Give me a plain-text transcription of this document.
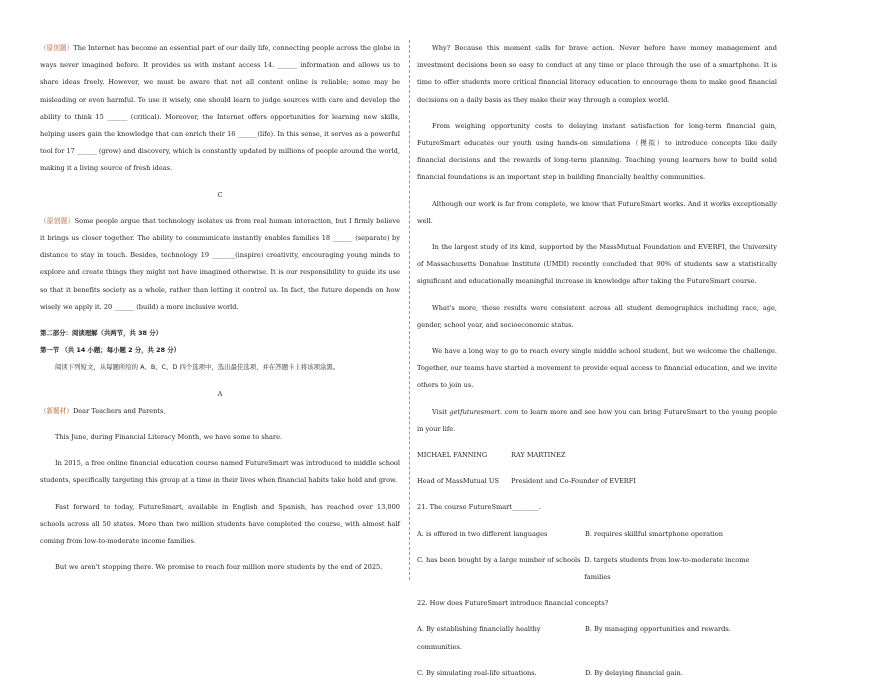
（原创题）The Internet has become an essential part of our daily life, connecting people across the globe in ways never imagined before. It provides us with instant access 14. ______ information and allows us to share ideas freely. However, we must be aware that not all content online is reliable; some may be misleading or even harmful. To use it wisely, one should learn to judge sources with care and develop the ability to think 15 ______ (critical). Moreover, the Internet offers opportunities for learning new skills, helping users gain the knowledge that can enrich their 16 ______(life). In this sense, it serves as a powerful tool for 17 ______ (grow) and discovery, which is constantly updated by millions of people around the world, making it a living source of fresh ideas.

C

（原创题）Some people argue that technology isolates us from real human interaction, but I firmly believe it brings us closer together. The ability to communicate instantly enables families 18 ______ (separate) by distance to stay in touch. Besides, technology 19 _______(inspire) creativity, encouraging young minds to explore and create things they might not have imagined otherwise. It is our responsibility to guide its use so that it benefits society as a whole, rather than letting it control us. In fact, the future depends on how wisely we apply it. 20 ______ (build) a more inclusive world.

第二部分：阅读理解（共两节，共 38 分）

第一节 （共 14 小题；每小题 2 分，共 28 分）

阅读下列短文，从每题所给的 A、B、C、D 四个选项中，选出最佳选项，并在答题卡上将该项涂黑。

A

（新题材）Dear Teachers and Parents,

This June, during Financial Literacy Month, we have some to share.

In 2015, a free online financial education course named FutureSmart was introduced to middle school students, specifically targeting this group at a time in their lives when financial habits take hold and grow.

Fast forward to today, FutureSmart, available in English and Spanish, has reached over 13,000 schools across all 50 states. More than two million students have completed the course, with almost half coming from low-to-moderate income families.

But we aren't stopping there. We promise to reach four million more students by the end of 2025.

Why? Because this moment calls for brave action. Never before have money management and investment decisions been so easy to conduct at any time or place through the use of a smartphone. It is time to offer students more critical financial literacy education to encourage them to make good financial decisions on a daily basis as they make their way through a complex world.

From weighing opportunity costs to delaying instant satisfaction for long-term financial gain, FutureSmart educates our youth using hands-on simulations（模拟）to introduce concepts like daily financial decisions and the rewards of long-term planning. Teaching young learners how to build solid financial foundations is an important step in building financially healthy communities.

Although our work is far from complete, we know that FutureSmart works. And it works exceptionally well.

In the largest study of its kind, supported by the MassMutual Foundation and EVERFI, the University of Massachusetts Donahue Institute (UMDI) recently concluded that 90% of students saw a statistically significant and educationally meaningful increase in knowledge after taking the FutureSmart course.

What's more, these results were consistent across all student demographics including race, age, gender, school year, and socioeconomic status.

We have a long way to go to reach every single middle school student, but we welcome the challenge. Together, our teams have started a movement to provide equal access to financial education, and we invite others to join us.

Visit getfuturesmart. com to learn more and see how you can bring FutureSmart to the young people in your life.

MICHAEL FANNING	RAY MARTINEZ
Head of MassMutual US	President and Co-Founder of EVERFI

21. The course FutureSmart________.

A. is offered in two different languages	B. requires skillful smartphone operation
C. has been bought by a large number of schools D. targets students from low-to-moderate income families

22. How does FutureSmart introduce financial concepts?

A. By establishing financially healthy communities.
B. By managing opportunities and rewards.
C. By simulating real-life situations.	D. By delaying financial gain.
